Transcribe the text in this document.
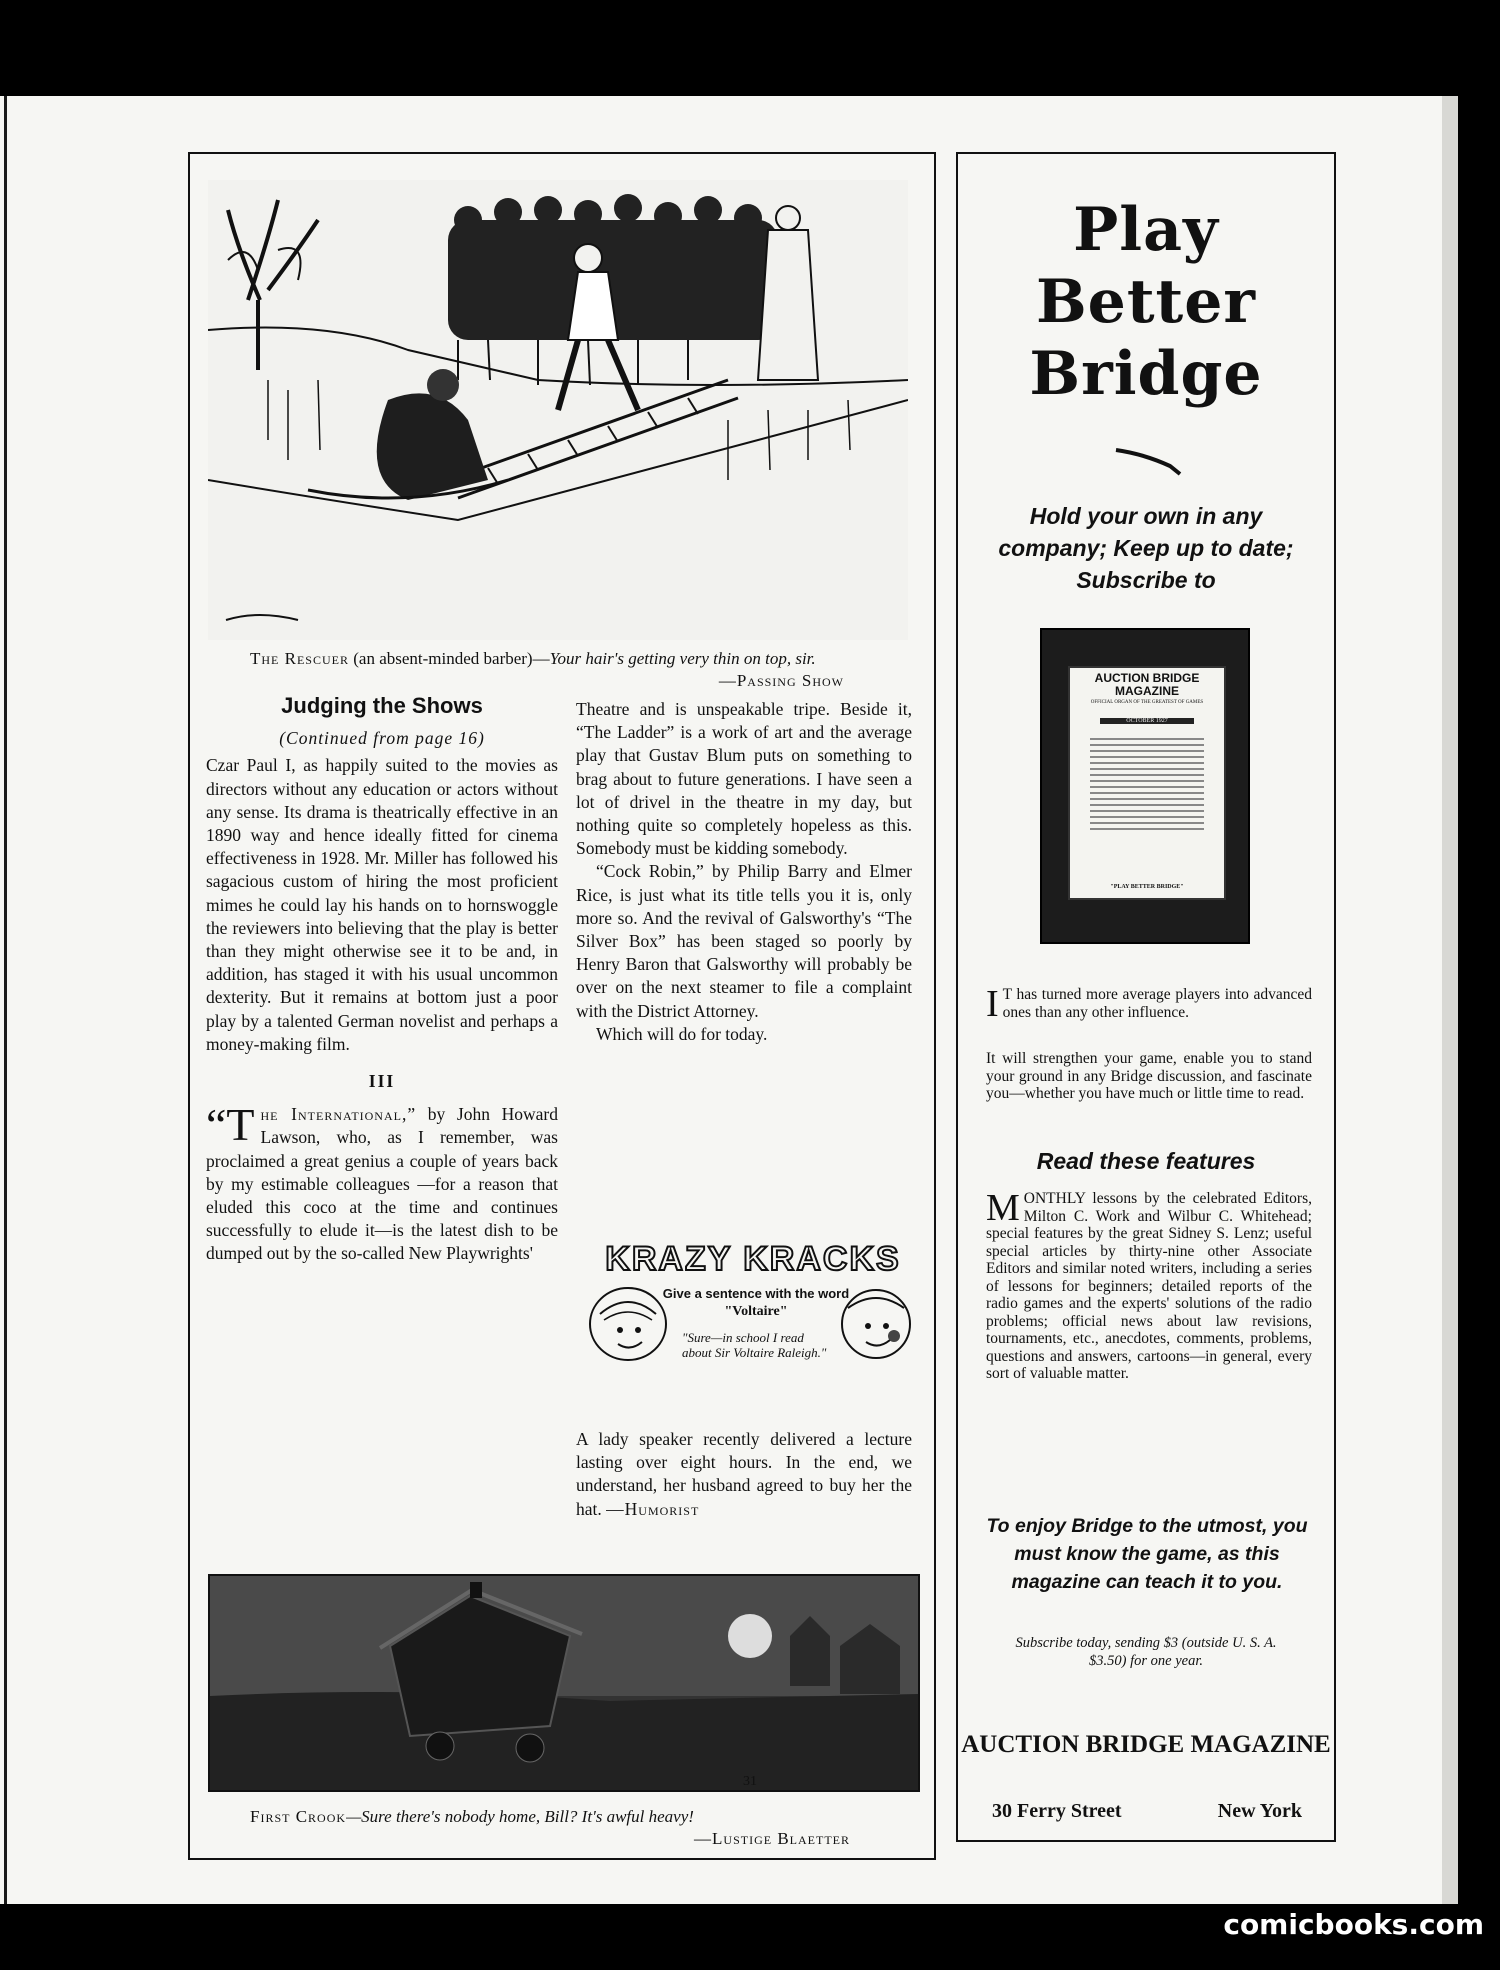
The Rescuer (an absent-minded barber)—Your hair's getting very thin on top, sir.
—Passing Show
Judging the Shows
(Continued from page 16)

Czar Paul I, as happily suited to the movies as directors without any education or actors without any sense. Its drama is theatrically effective in an 1890 way and hence ideally fitted for cinema effectiveness in 1928. Mr. Miller has followed his sagacious custom of hiring the most proficient mimes he could lay his hands on to hornswoggle the reviewers into believing that the play is better than they might otherwise see it to be and, in addition, has staged it with his usual uncommon dexterity. But it remains at bottom just a poor play by a talented German novelist and perhaps a money-making film.

III

“The International,” by John Howard Lawson, who, as I remember, was proclaimed a great genius a couple of years back by my estimable colleagues —for a reason that eluded this coco at the time and continues successfully to elude it—is the latest dish to be dumped out by the so-called New Playwrights'

Theatre and is unspeakable tripe. Beside it, “The Ladder” is a work of art and the average play that Gustav Blum puts on something to brag about to future generations. I have seen a lot of drivel in the theatre in my day, but nothing quite so completely hopeless as this. Somebody must be kidding somebody.

“Cock Robin,” by Philip Barry and Elmer Rice, is just what its title tells you it is, only more so. And the revival of Galsworthy's “The Silver Box” has been staged so poorly by Henry Baron that Galsworthy will probably be over on the next steamer to file a complaint with the District Attorney.

Which will do for today.

KRAZY KRACKS
Give a sentence with the word
"Voltaire"
"Sure—in school I read about Sir Voltaire Raleigh."
A lady speaker recently delivered a lecture lasting over eight hours. In the end, we understand, her husband agreed to buy her the hat. —Humorist
First Crook—Sure there's nobody home, Bill? It's awful heavy!
—Lustige Blaetter
Play
Better
Bridge
Hold your own in any company; Keep up to date; Subscribe to
AUCTION BRIDGE MAGAZINE
OFFICIAL ORGAN OF THE GREATEST OF GAMES
OCTOBER 1927
"PLAY BETTER BRIDGE"
I T has turned more average players into advanced ones than any other influence.
It will strengthen your game, enable you to stand your ground in any Bridge discussion, and fascinate you—whether you have much or little time to read.
Read these features
MONTHLY lessons by the celebrated Editors, Milton C. Work and Wilbur C. Whitehead; special features by the great Sidney S. Lenz; useful special articles by thirty-nine other Associate Editors and similar noted writers, including a series of lessons for beginners; detailed reports of the radio games and the experts' solutions of the radio problems; official news about law revisions, tournaments, etc., anecdotes, comments, problems, questions and answers, cartoons—in general, every sort of valuable matter.
To enjoy Bridge to the utmost, you must know the game, as this magazine can teach it to you.
Subscribe today, sending $3 (outside U. S. A. $3.50) for one year.
AUCTION BRIDGE MAGAZINE
30 Ferry Street	New York
31
comicbooks.com
